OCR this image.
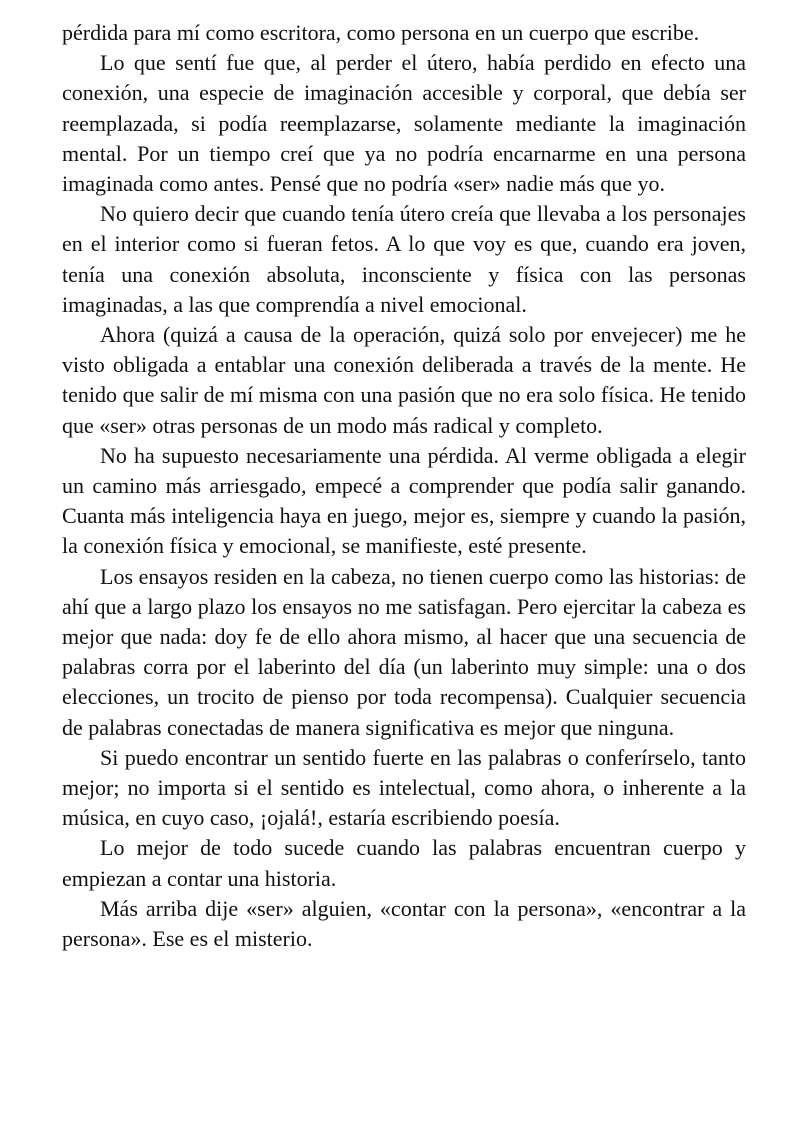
pérdida para mí como escritora, como persona en un cuerpo que escribe.

Lo que sentí fue que, al perder el útero, había perdido en efecto una conexión, una especie de imaginación accesible y corporal, que debía ser reemplazada, si podía reemplazarse, solamente mediante la imaginación mental. Por un tiempo creí que ya no podría encarnarme en una persona imaginada como antes. Pensé que no podría «ser» nadie más que yo.

No quiero decir que cuando tenía útero creía que llevaba a los personajes en el interior como si fueran fetos. A lo que voy es que, cuando era joven, tenía una conexión absoluta, inconsciente y física con las personas imaginadas, a las que comprendía a nivel emocional.

Ahora (quizá a causa de la operación, quizá solo por envejecer) me he visto obligada a entablar una conexión deliberada a través de la mente. He tenido que salir de mí misma con una pasión que no era solo física. He tenido que «ser» otras personas de un modo más radical y completo.

No ha supuesto necesariamente una pérdida. Al verme obligada a elegir un camino más arriesgado, empecé a comprender que podía salir ganando. Cuanta más inteligencia haya en juego, mejor es, siempre y cuando la pasión, la conexión física y emocional, se manifieste, esté presente.

Los ensayos residen en la cabeza, no tienen cuerpo como las historias: de ahí que a largo plazo los ensayos no me satisfagan. Pero ejercitar la cabeza es mejor que nada: doy fe de ello ahora mismo, al hacer que una secuencia de palabras corra por el laberinto del día (un laberinto muy simple: una o dos elecciones, un trocito de pienso por toda recompensa). Cualquier secuencia de palabras conectadas de manera significativa es mejor que ninguna.

Si puedo encontrar un sentido fuerte en las palabras o conferírselo, tanto mejor; no importa si el sentido es intelectual, como ahora, o inherente a la música, en cuyo caso, ¡ojalá!, estaría escribiendo poesía.

Lo mejor de todo sucede cuando las palabras encuentran cuerpo y empiezan a contar una historia.

Más arriba dije «ser» alguien, «contar con la persona», «encontrar a la persona». Ese es el misterio.
